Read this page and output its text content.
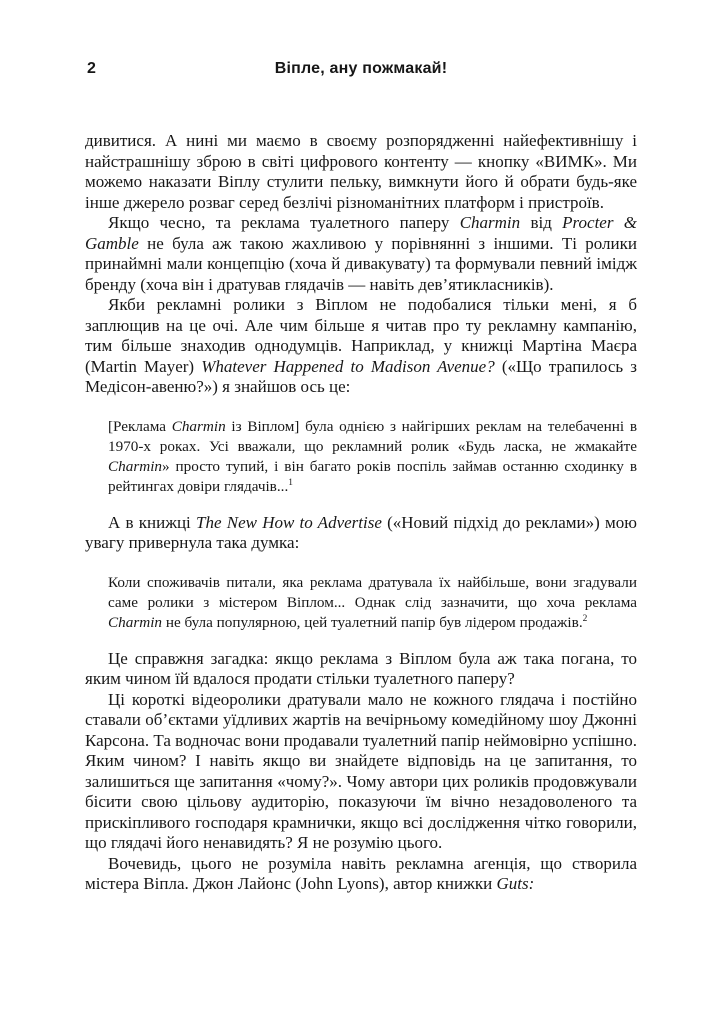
2	Віпле, ану пожмакай!

дивитися. А нині ми маємо в своєму розпорядженні найефективнішу і найстрашнішу зброю в світі цифрового контенту — кнопку «ВИМК». Ми можемо наказати Віплу стулити пельку, вимкнути його й обрати будь-яке інше джерело розваг серед безлічі різноманітних платформ і пристроїв.

Якщо чесно, та реклама туалетного паперу Charmin від Procter & Gamble не була аж такою жахливою у порівнянні з іншими. Ті ролики принаймні мали концепцію (хоча й дивакувату) та формували певний імідж бренду (хоча він і дратував глядачів — навіть дев’ятикласників).

Якби рекламні ролики з Віплом не подобалися тільки мені, я б заплющив на це очі. Але чим більше я читав про ту рекламну кампанію, тим більше знаходив однодумців. Наприклад, у книжці Мартіна Маєра (Martin Mayer) Whatever Happened to Madison Avenue? («Що трапилось з Медісон-авеню?») я знайшов ось це:

[Реклама Charmin із Віплом] була однією з найгірших реклам на телебаченні в 1970-х роках. Усі вважали, що рекламний ролик «Будь ласка, не жмакайте Charmin» просто тупий, і він багато років поспіль займав останню сходинку в рейтингах довіри глядачів...$^1$

А в книжці The New How to Advertise («Новий підхід до реклами») мою увагу привернула така думка:

Коли споживачів питали, яка реклама дратувала їх найбільше, вони згадували саме ролики з містером Віплом... Однак слід зазначити, що хоча реклама Charmin не була популярною, цей туалетний папір був лідером продажів.$^2$

Це справжня загадка: якщо реклама з Віплом була аж така погана, то яким чином їй вдалося продати стільки туалетного паперу?

Ці короткі відеоролики дратували мало не кожного глядача і постійно ставали об’єктами уїдливих жартів на вечірньому комедійному шоу Джонні Карсона. Та водночас вони продавали туалетний папір неймовірно успішно. Яким чином? І навіть якщо ви знайдете відповідь на це запитання, то залишиться ще запитання «чому?». Чому автори цих роликів продовжували бісити свою цільову аудиторію, показуючи їм вічно незадоволеного та прискіпливого господаря крамнички, якщо всі дослідження чітко говорили, що глядачі його ненавидять? Я не розумію цього.

Вочевидь, цього не розуміла навіть рекламна агенція, що створила містера Віпла. Джон Лайонс (John Lyons), автор книжки Guts:
